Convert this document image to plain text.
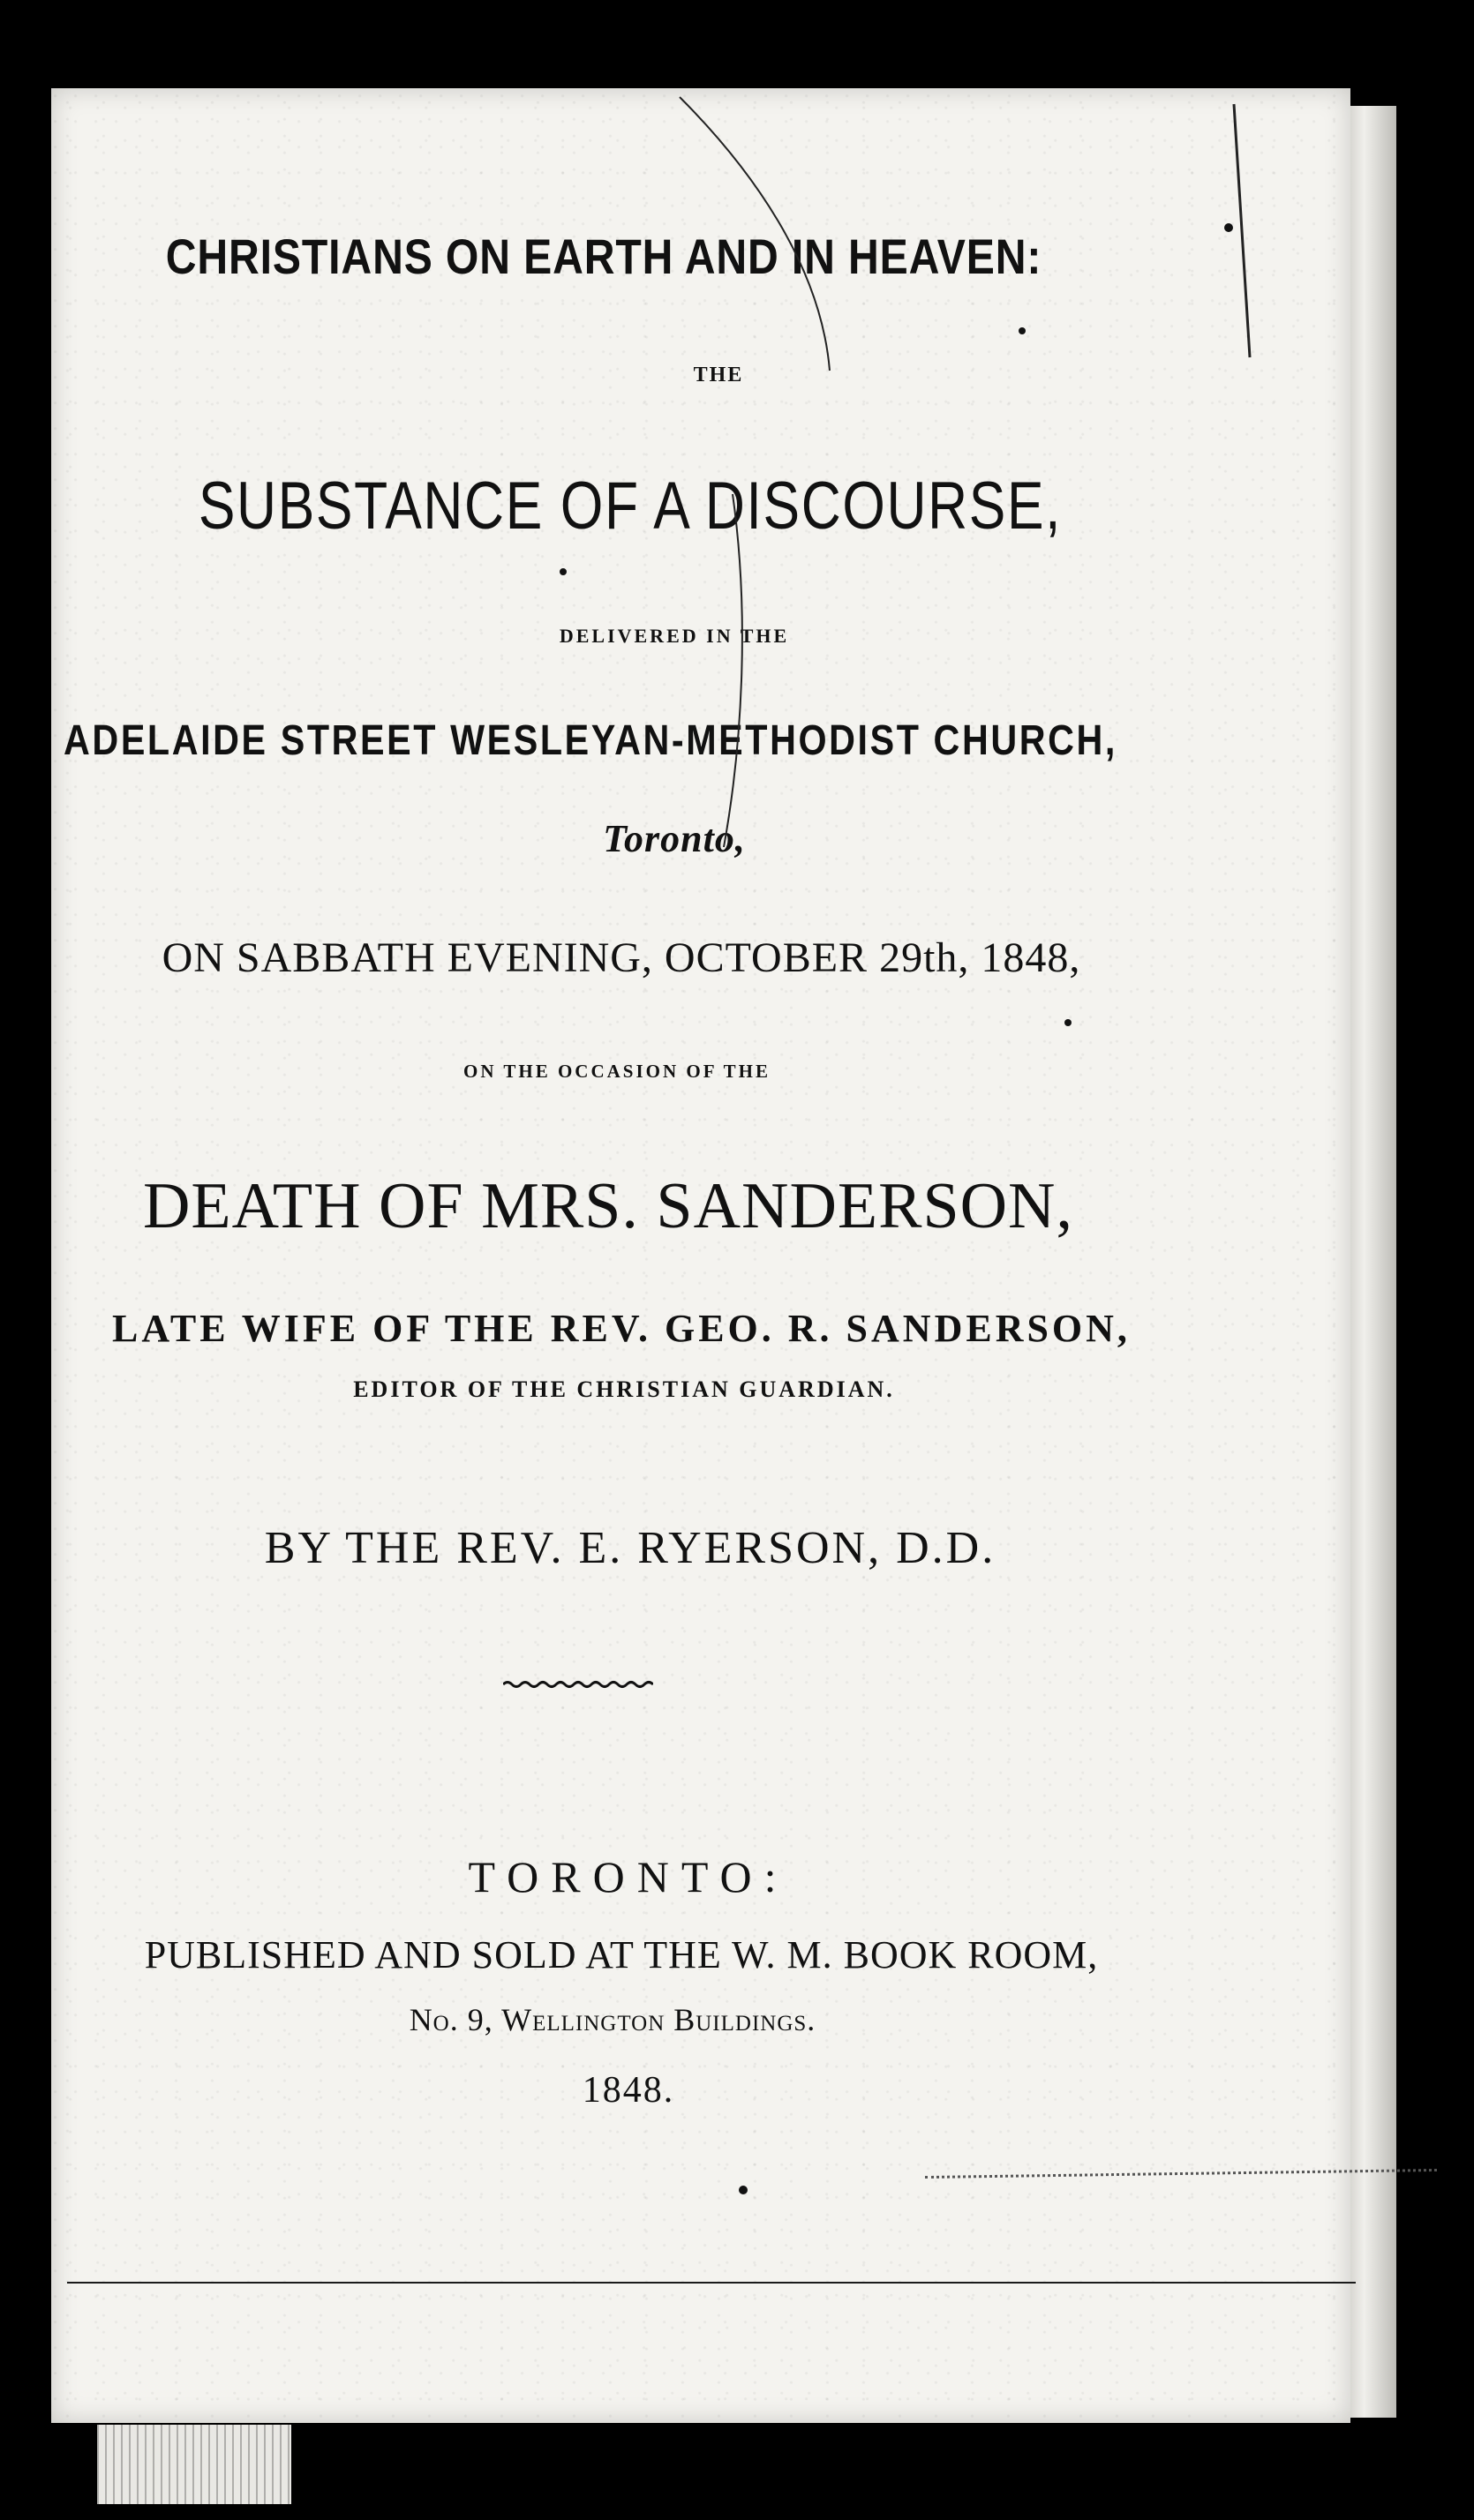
CHRISTIANS ON EARTH AND IN HEAVEN:
THE
SUBSTANCE OF A DISCOURSE,
DELIVERED IN THE
ADELAIDE STREET WESLEYAN-METHODIST CHURCH,
Toronto,
ON SABBATH EVENING, OCTOBER 29th, 1848,
ON THE OCCASION OF THE
DEATH OF MRS. SANDERSON,
LATE WIFE OF THE REV. GEO. R. SANDERSON,
EDITOR OF THE CHRISTIAN GUARDIAN.
BY THE REV. E. RYERSON, D.D.
TORONTO:
PUBLISHED AND SOLD AT THE W. M. BOOK ROOM,
No. 9, Wellington Buildings.
1848.
